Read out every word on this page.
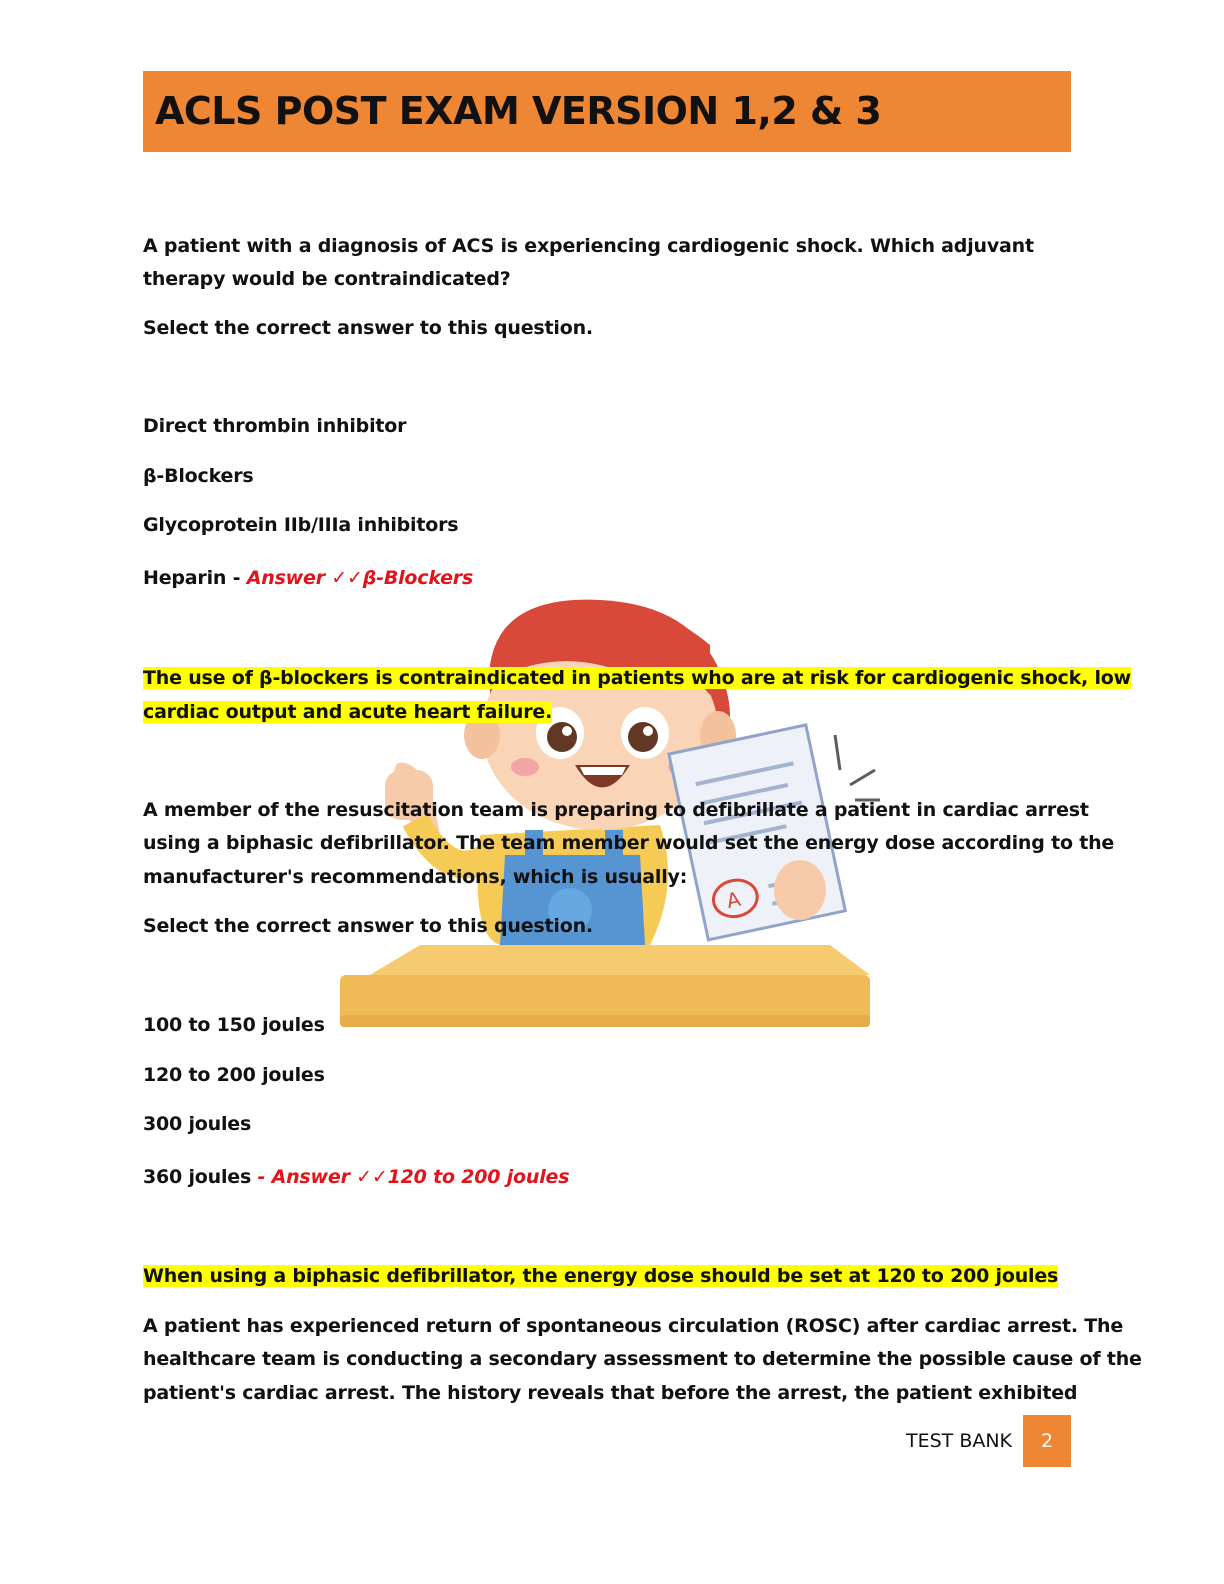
ACLS POST EXAM VERSION 1,2 & 3
A
A patient with a diagnosis of ACS is experiencing cardiogenic shock. Which adjuvant therapy would be contraindicated?
Select the correct answer to this question.
Direct thrombin inhibitor
β-Blockers
Glycoprotein IIb/IIIa inhibitors
Heparin - Answer ✓✓β-Blockers
The use of β-blockers is contraindicated in patients who are at risk for cardiogenic shock, low
cardiac output and acute heart failure.
A member of the resuscitation team is preparing to defibrillate a patient in cardiac arrest
using a biphasic defibrillator. The team member would set the energy dose according to the
manufacturer's recommendations, which is usually:
Select the correct answer to this question.
100 to 150 joules
120 to 200 joules
300 joules
360 joules - Answer ✓✓120 to 200 joules
When using a biphasic defibrillator, the energy dose should be set at 120 to 200 joules
A patient has experienced return of spontaneous circulation (ROSC) after cardiac arrest. The
healthcare team is conducting a secondary assessment to determine the possible cause of the
patient's cardiac arrest. The history reveals that before the arrest, the patient exhibited
TEST BANK	2
